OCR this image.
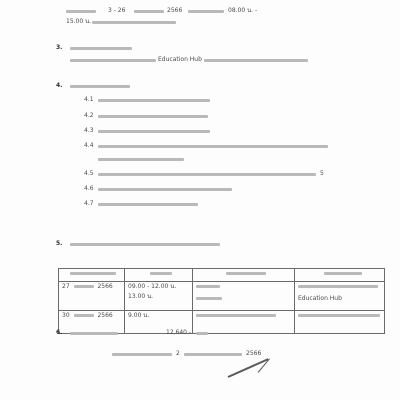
3 - 26	2566	08.00 น. -
15.00 น.
3.
Education Hub
4.
4.1
4.2
4.3
4.4
4.5	5
4.6
4.7
5.

27 2566	09.00 - 12.00 น.
13.00 น.		Education Hub

30 2566	9.00 น.		

6.	12,640.-
2	2566
